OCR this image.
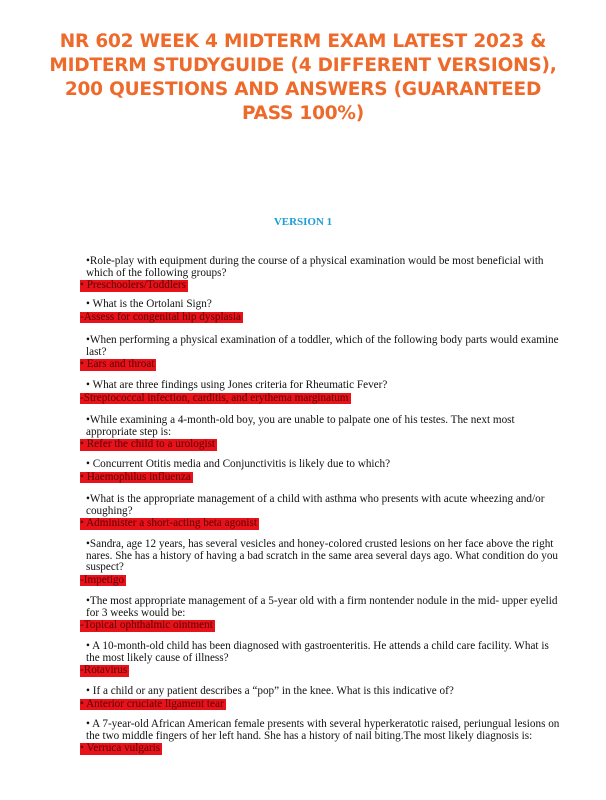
NR 602 WEEK 4 MIDTERM EXAM LATEST 2023 & MIDTERM STUDYGUIDE (4 DIFFERENT VERSIONS), 200 QUESTIONS AND ANSWERS (GUARANTEED PASS 100%)
VERSION 1
•Role-play with equipment during the course of a physical examination would be most beneficial with which of the following groups?
• Preschoolers/Toddlers
• What is the Ortolani Sign?
-Assess for congenital hip dysplasia
•When performing a physical examination of a toddler, which of the following body parts would examine last?
• Ears and throat
• What are three findings using Jones criteria for Rheumatic Fever?
-Streptococcal infection, carditis, and erythema marginatum
•While examining a 4-month-old boy, you are unable to palpate one of his testes. The next most appropriate step is:
• Refer the child to a urologist
• Concurrent Otitis media and Conjunctivitis is likely due to which?
• Haemophilus influenza
•What is the appropriate management of a child with asthma who presents with acute wheezing and/or coughing?
• Administer a short-acting beta agonist
•Sandra, age 12 years, has several vesicles and honey-colored crusted lesions on her face above the right nares. She has a history of having a bad scratch in the same area several days ago. What condition do you suspect?
-Impetigo
•The most appropriate management of a 5-year old with a firm nontender nodule in the mid- upper eyelid for 3 weeks would be:
-Topical ophthalmic ointment
• A 10-month-old child has been diagnosed with gastroenteritis. He attends a child care facility. What is the most likely cause of illness?
-Rotavirus
• If a child or any patient describes a “pop” in the knee. What is this indicative of?
• Anterior cruciate ligament tear
• A 7-year-old African American female presents with several hyperkeratotic raised, periungual lesions on the two middle fingers of her left hand. She has a history of nail biting.The most likely diagnosis is:
• Verruca vulgaris
